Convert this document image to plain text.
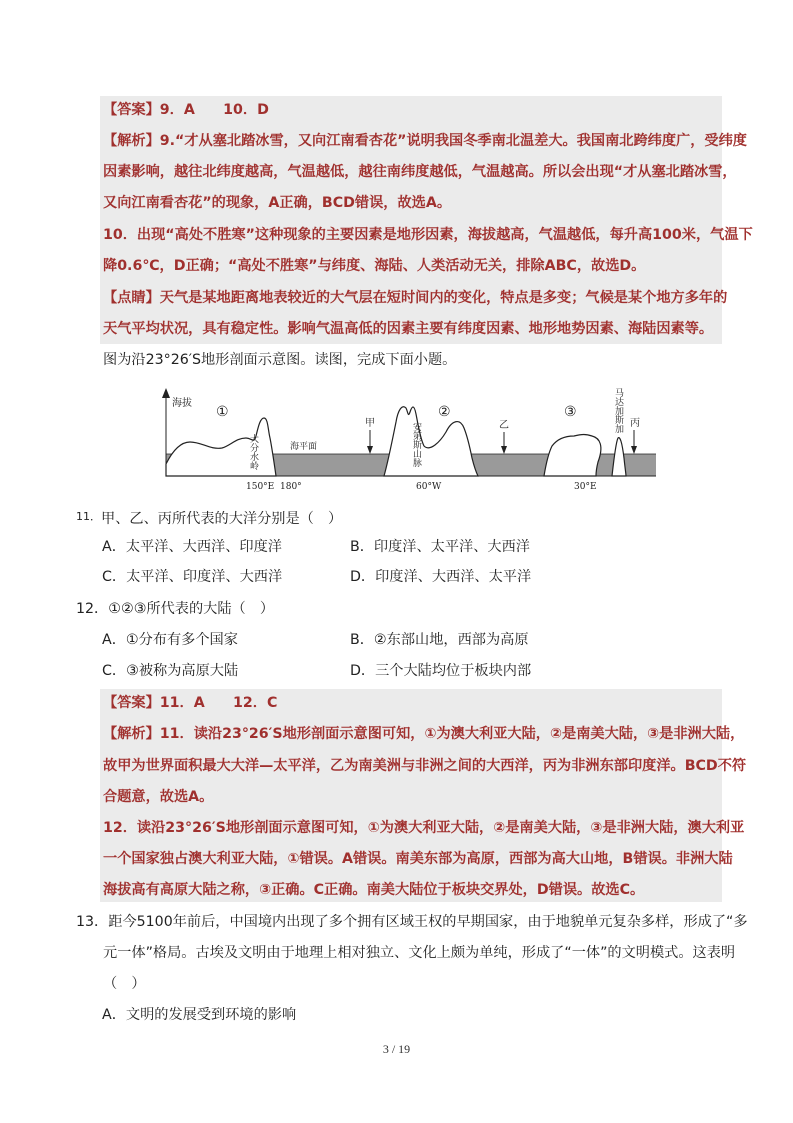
【答案】9．A　　10．D
【解析】9.“才从塞北踏冰雪，又向江南看杏花”说明我国冬季南北温差大。我国南北跨纬度广，受纬度
因素影响，越往北纬度越高，气温越低，越往南纬度越低，气温越高。所以会出现“才从塞北踏冰雪，
又向江南看杏花”的现象，A正确，BCD错误，故选A。
10．出现“高处不胜寒”这种现象的主要因素是地形因素，海拔越高，气温越低，每升高100米，气温下
降0.6℃，D正确；“高处不胜寒”与纬度、海陆、人类活动无关，排除ABC，故选D。
【点睛】天气是某地距离地表较近的大气层在短时间内的变化，特点是多变；气候是某个地方多年的
天气平均状况，具有稳定性。影响气温高低的因素主要有纬度因素、地形地势因素、海陆因素等。
图为沿23°26′S地形剖面示意图。读图，完成下面小题。
海拔
①	②	③
甲	乙	丙
海平面
大分水岭	安第斯山脉
马达加斯加
150°E 180°	60°W	30°E
$^{11.}$甲、乙、丙所代表的大洋分别是（　）
A．太平洋、大西洋、印度洋	B．印度洋、太平洋、大西洋
C．太平洋、印度洋、大西洋	D．印度洋、大西洋、太平洋
12．①②③所代表的大陆（　）
A．①分布有多个国家	B．②东部山地，西部为高原
C．③被称为高原大陆	D．三个大陆均位于板块内部
【答案】11．A　　12．C
【解析】11．读沿23°26′S地形剖面示意图可知，①为澳大利亚大陆，②是南美大陆，③是非洲大陆，
故甲为世界面积最大大洋—太平洋，乙为南美洲与非洲之间的大西洋，丙为非洲东部印度洋。BCD不符
合题意，故选A。
12．读沿23°26′S地形剖面示意图可知，①为澳大利亚大陆，②是南美大陆，③是非洲大陆，澳大利亚
一个国家独占澳大利亚大陆，①错误。A错误。南美东部为高原，西部为高大山地，B错误。非洲大陆
海拔高有高原大陆之称，③正确。C正确。南美大陆位于板块交界处，D错误。故选C。
13．距今5100年前后，中国境内出现了多个拥有区域王权的早期国家，由于地貌单元复杂多样，形成了“多
元一体”格局。古埃及文明由于地理上相对独立、文化上颇为单纯，形成了“一体”的文明模式。这表明
（　）
A．文明的发展受到环境的影响
3 / 19
